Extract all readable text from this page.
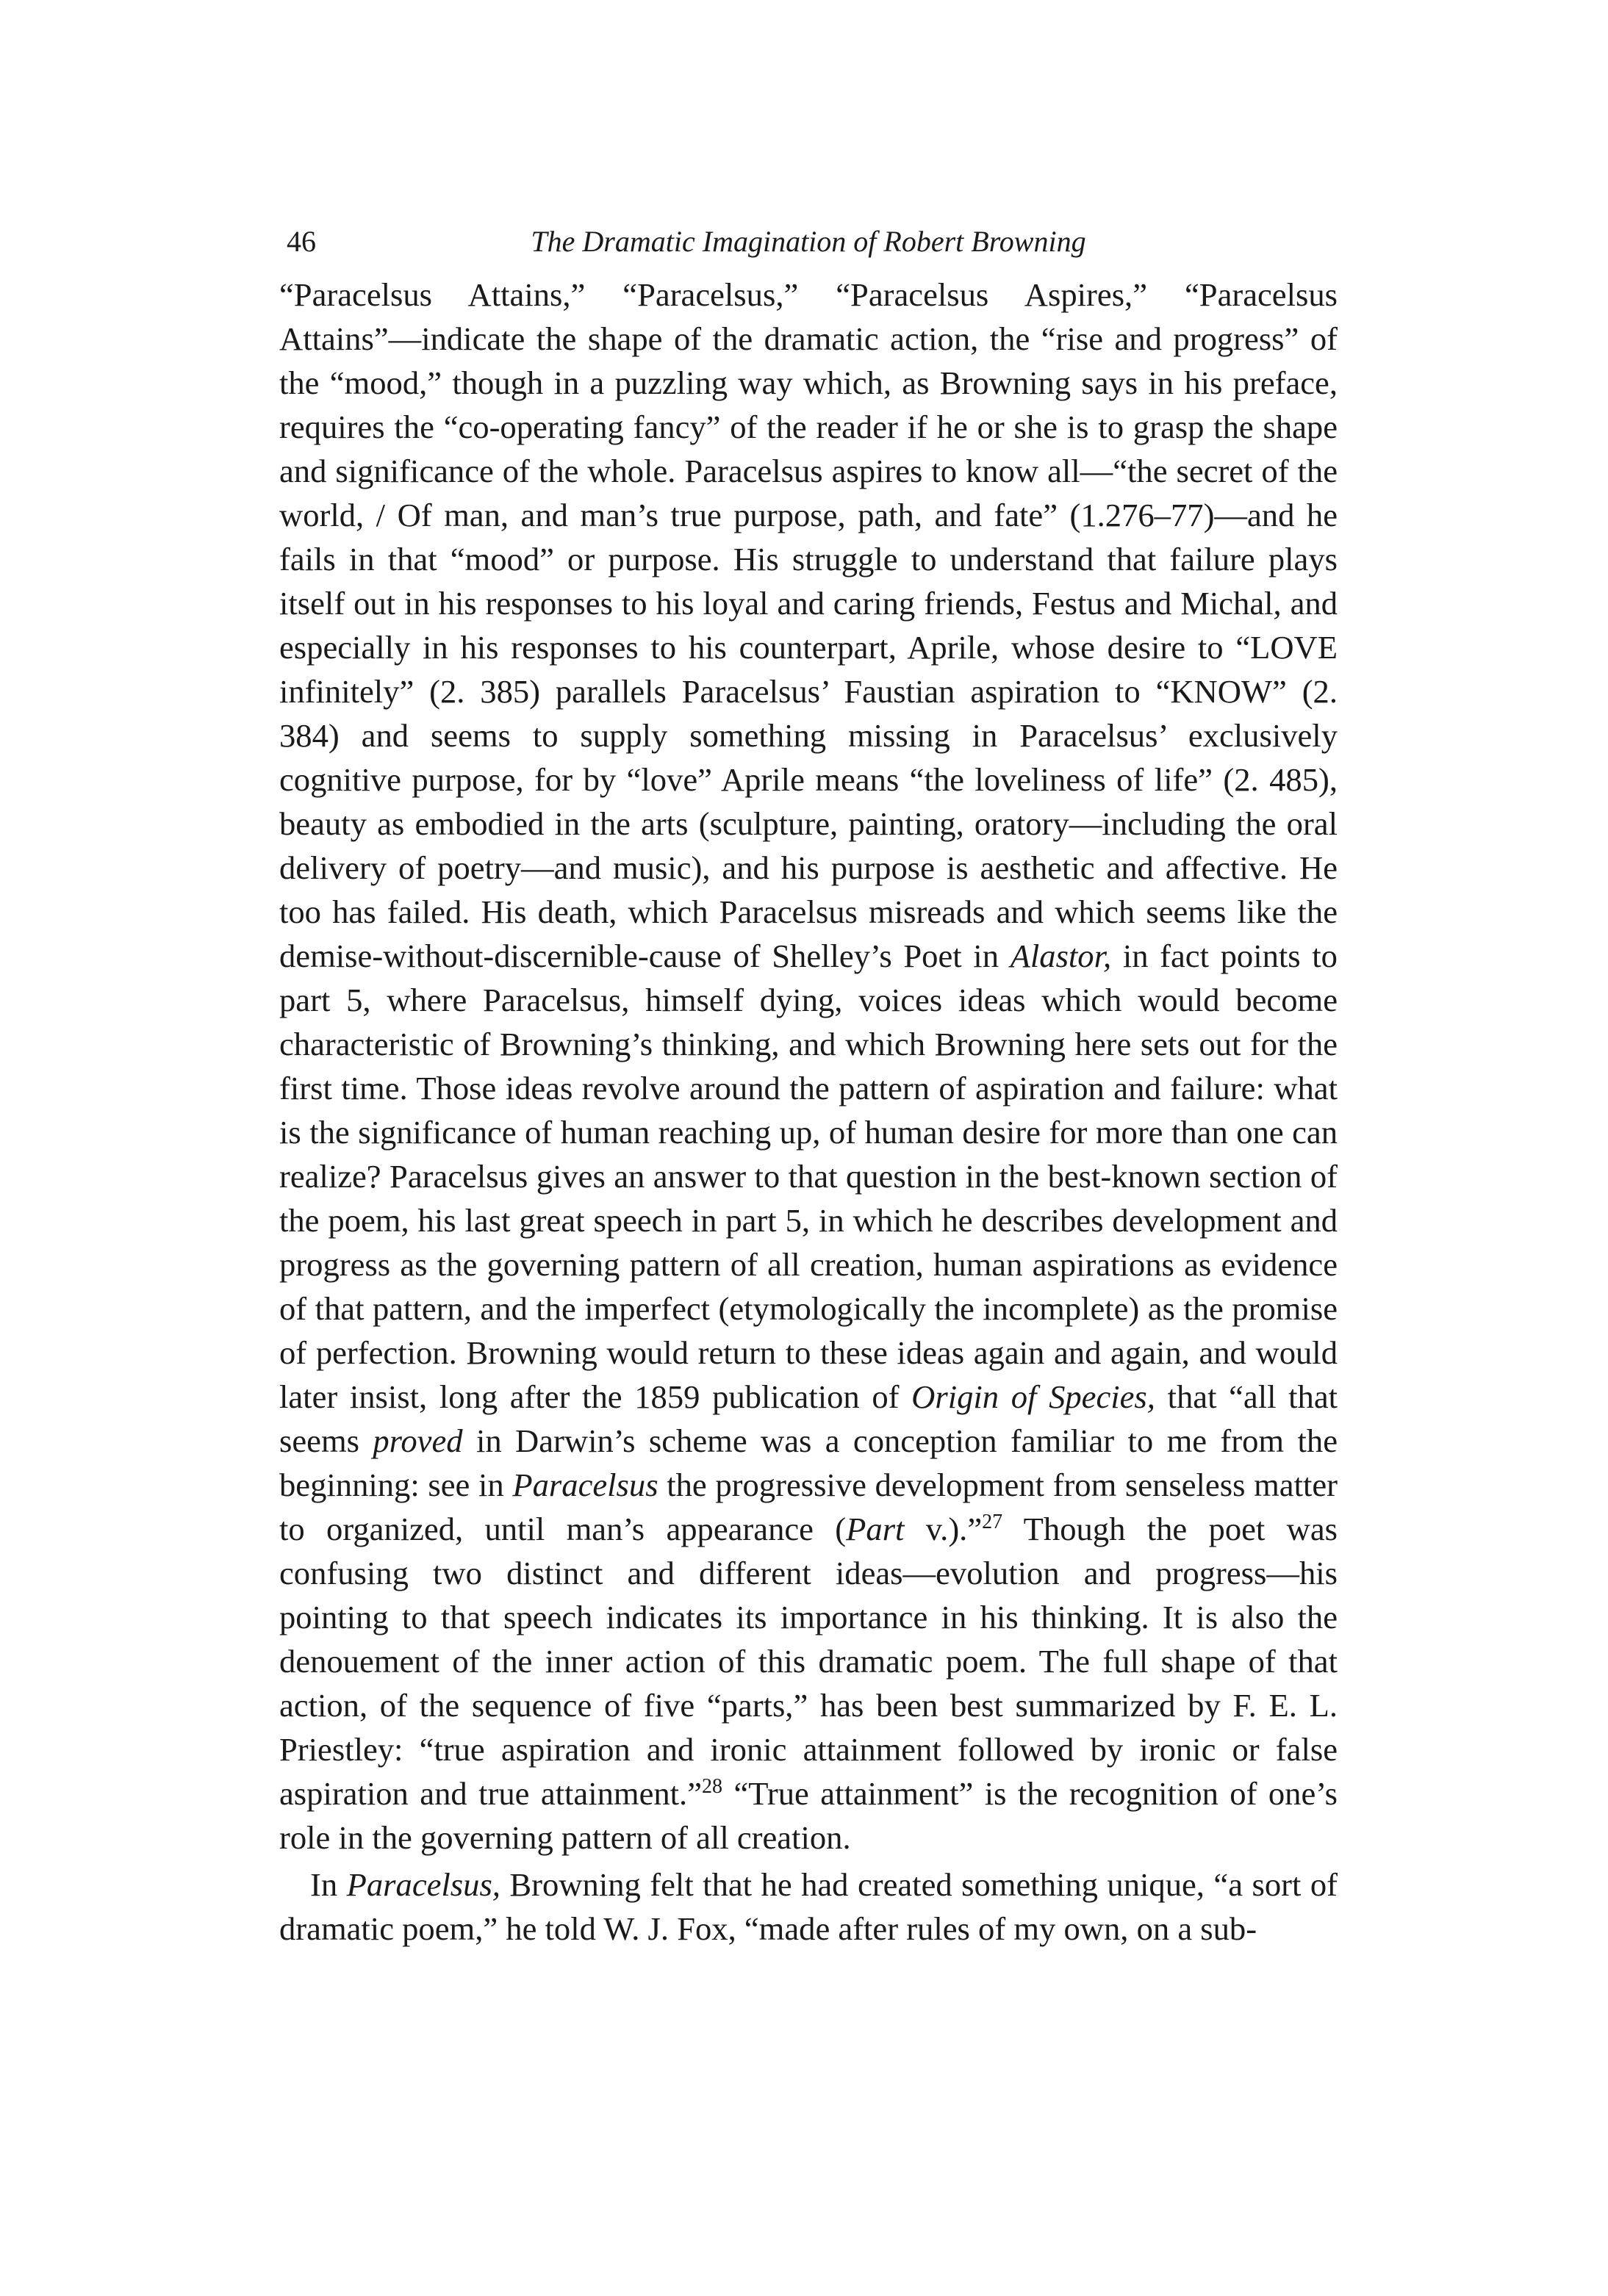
46	The Dramatic Imagination of Robert Browning

“Paracelsus Attains,” “Paracelsus,” “Paracelsus Aspires,” “Paracelsus Attains”—indicate the shape of the dramatic action, the “rise and progress” of the “mood,” though in a puzzling way which, as Browning says in his preface, requires the “co-operating fancy” of the reader if he or she is to grasp the shape and significance of the whole. Paracelsus aspires to know all—“the secret of the world, / Of man, and man’s true purpose, path, and fate” (1.276–77)—and he fails in that “mood” or purpose. His struggle to understand that failure plays itself out in his responses to his loyal and caring friends, Festus and Michal, and especially in his responses to his counterpart, Aprile, whose desire to “LOVE infinitely” (2. 385) parallels Paracelsus’ Faustian aspiration to “KNOW” (2. 384) and seems to supply something missing in Paracelsus’ exclusively cognitive purpose, for by “love” Aprile means “the loveliness of life” (2. 485), beauty as embodied in the arts (sculpture, painting, oratory—including the oral delivery of poetry—and music), and his purpose is aesthetic and affective. He too has failed. His death, which Paracelsus misreads and which seems like the demise-without-discernible-cause of Shelley’s Poet in Alastor, in fact points to part 5, where Paracelsus, himself dying, voices ideas which would become characteristic of Browning’s thinking, and which Browning here sets out for the first time. Those ideas revolve around the pattern of aspiration and failure: what is the significance of human reaching up, of human desire for more than one can realize? Paracelsus gives an answer to that question in the best-known section of the poem, his last great speech in part 5, in which he describes development and progress as the governing pattern of all creation, human aspirations as evidence of that pattern, and the imperfect (etymologically the incomplete) as the promise of perfection. Browning would return to these ideas again and again, and would later insist, long after the 1859 publication of Origin of Species, that “all that seems proved in Darwin’s scheme was a conception familiar to me from the beginning: see in Paracelsus the progressive development from senseless matter to organized, until man’s appearance (Part v.).”$^{27}$ Though the poet was confusing two distinct and different ideas—evolution and progress—his pointing to that speech indicates its importance in his thinking. It is also the denouement of the inner action of this dramatic poem. The full shape of that action, of the sequence of five “parts,” has been best summarized by F. E. L. Priestley: “true aspiration and ironic attainment followed by ironic or false aspiration and true attainment.”$^{28}$ “True attainment” is the recognition of one’s role in the governing pattern of all creation.

In Paracelsus, Browning felt that he had created something unique, “a sort of dramatic poem,” he told W. J. Fox, “made after rules of my own, on a sub-
